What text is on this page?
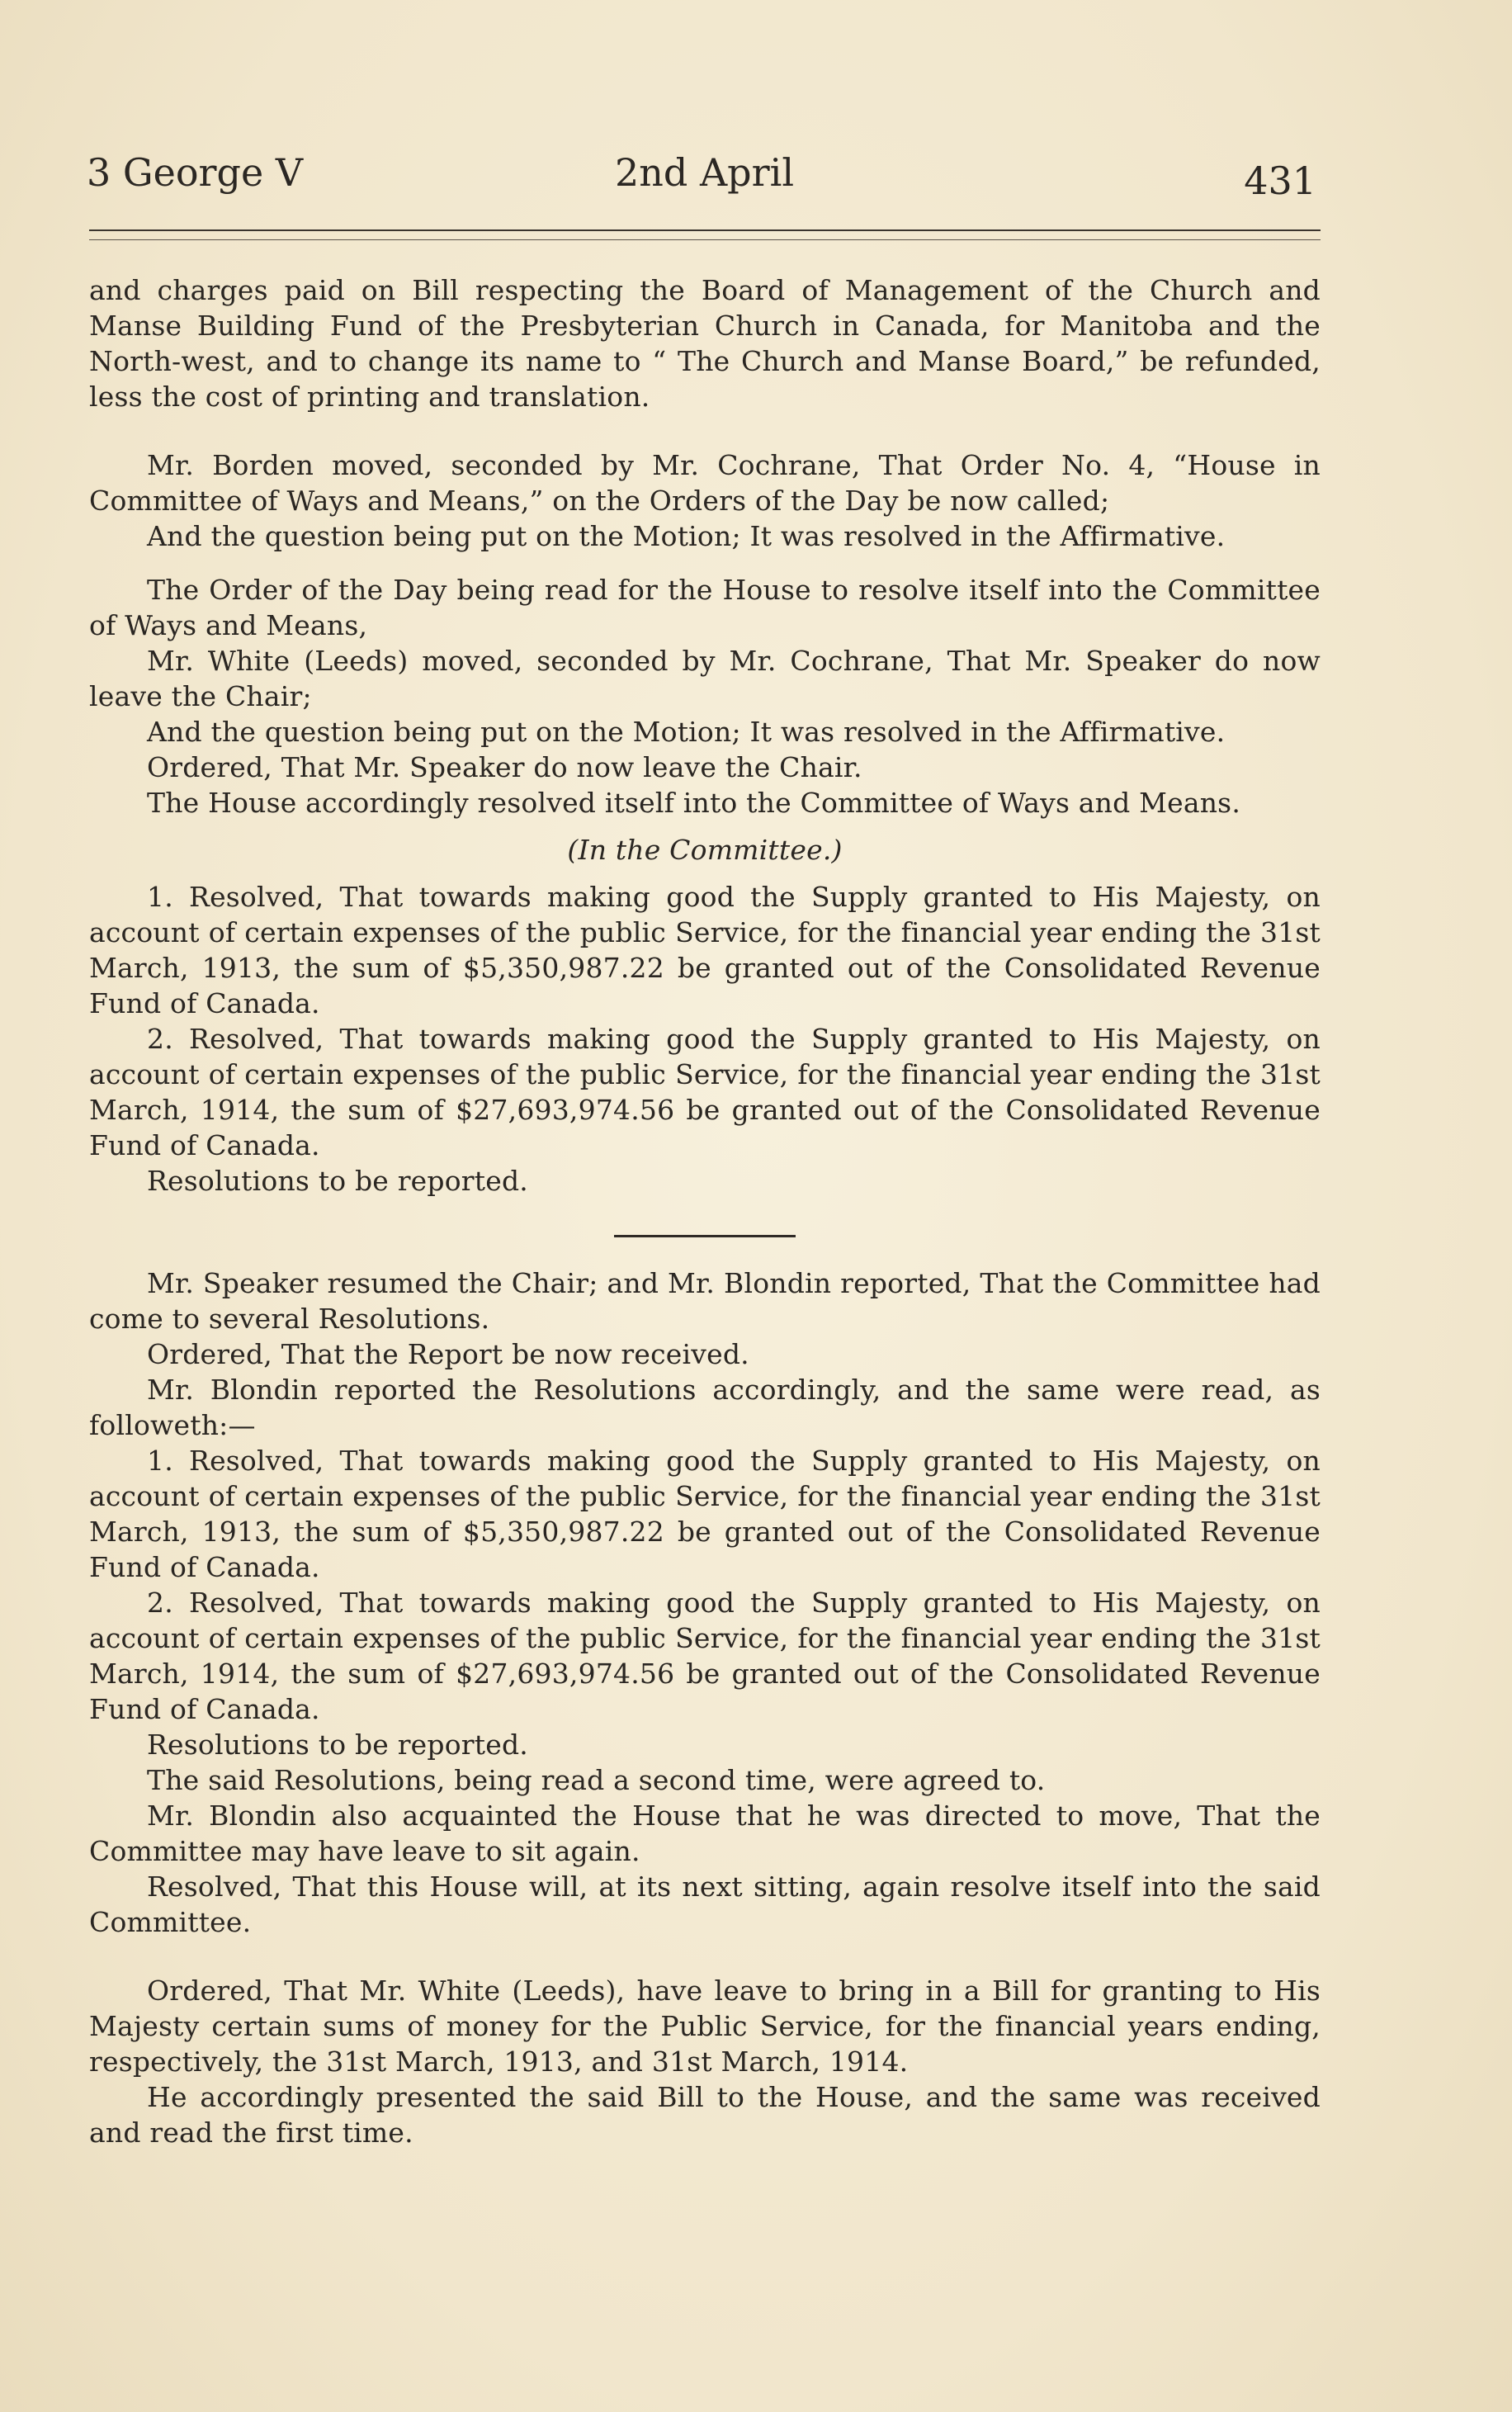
3 George V	2nd April	431

and charges paid on Bill respecting the Board of Management of the Church and Manse Building Fund of the Presbyterian Church in Canada, for Manitoba and the North-west, and to change its name to “ The Church and Manse Board,” be refunded, less the cost of printing and translation.

Mr. Borden moved, seconded by Mr. Cochrane, That Order No. 4, “House in Committee of Ways and Means,” on the Orders of the Day be now called;

And the question being put on the Motion; It was resolved in the Affirmative.

The Order of the Day being read for the House to resolve itself into the Committee of Ways and Means,

Mr. White (Leeds) moved, seconded by Mr. Cochrane, That Mr. Speaker do now leave the Chair;

And the question being put on the Motion; It was resolved in the Affirmative.

Ordered, That Mr. Speaker do now leave the Chair.

The House accordingly resolved itself into the Committee of Ways and Means.

(In the Committee.)

1. Resolved, That towards making good the Supply granted to His Majesty, on account of certain expenses of the public Service, for the financial year ending the 31st March, 1913, the sum of $5,350,987.22 be granted out of the Consolidated Revenue Fund of Canada.

2. Resolved, That towards making good the Supply granted to His Majesty, on account of certain expenses of the public Service, for the financial year ending the 31st March, 1914, the sum of $27,693,974.56 be granted out of the Consolidated Revenue Fund of Canada.

Resolutions to be reported.

Mr. Speaker resumed the Chair; and Mr. Blondin reported, That the Committee had come to several Resolutions.

Ordered, That the Report be now received.

Mr. Blondin reported the Resolutions accordingly, and the same were read, as followeth:—

1. Resolved, That towards making good the Supply granted to His Majesty, on account of certain expenses of the public Service, for the financial year ending the 31st March, 1913, the sum of $5,350,987.22 be granted out of the Consolidated Revenue Fund of Canada.

2. Resolved, That towards making good the Supply granted to His Majesty, on account of certain expenses of the public Service, for the financial year ending the 31st March, 1914, the sum of $27,693,974.56 be granted out of the Consolidated Revenue Fund of Canada.

Resolutions to be reported.

The said Resolutions, being read a second time, were agreed to.

Mr. Blondin also acquainted the House that he was directed to move, That the Committee may have leave to sit again.

Resolved, That this House will, at its next sitting, again resolve itself into the said Committee.

Ordered, That Mr. White (Leeds), have leave to bring in a Bill for granting to His Majesty certain sums of money for the Public Service, for the financial years ending, respectively, the 31st March, 1913, and 31st March, 1914.

He accordingly presented the said Bill to the House, and the same was received and read the first time.
